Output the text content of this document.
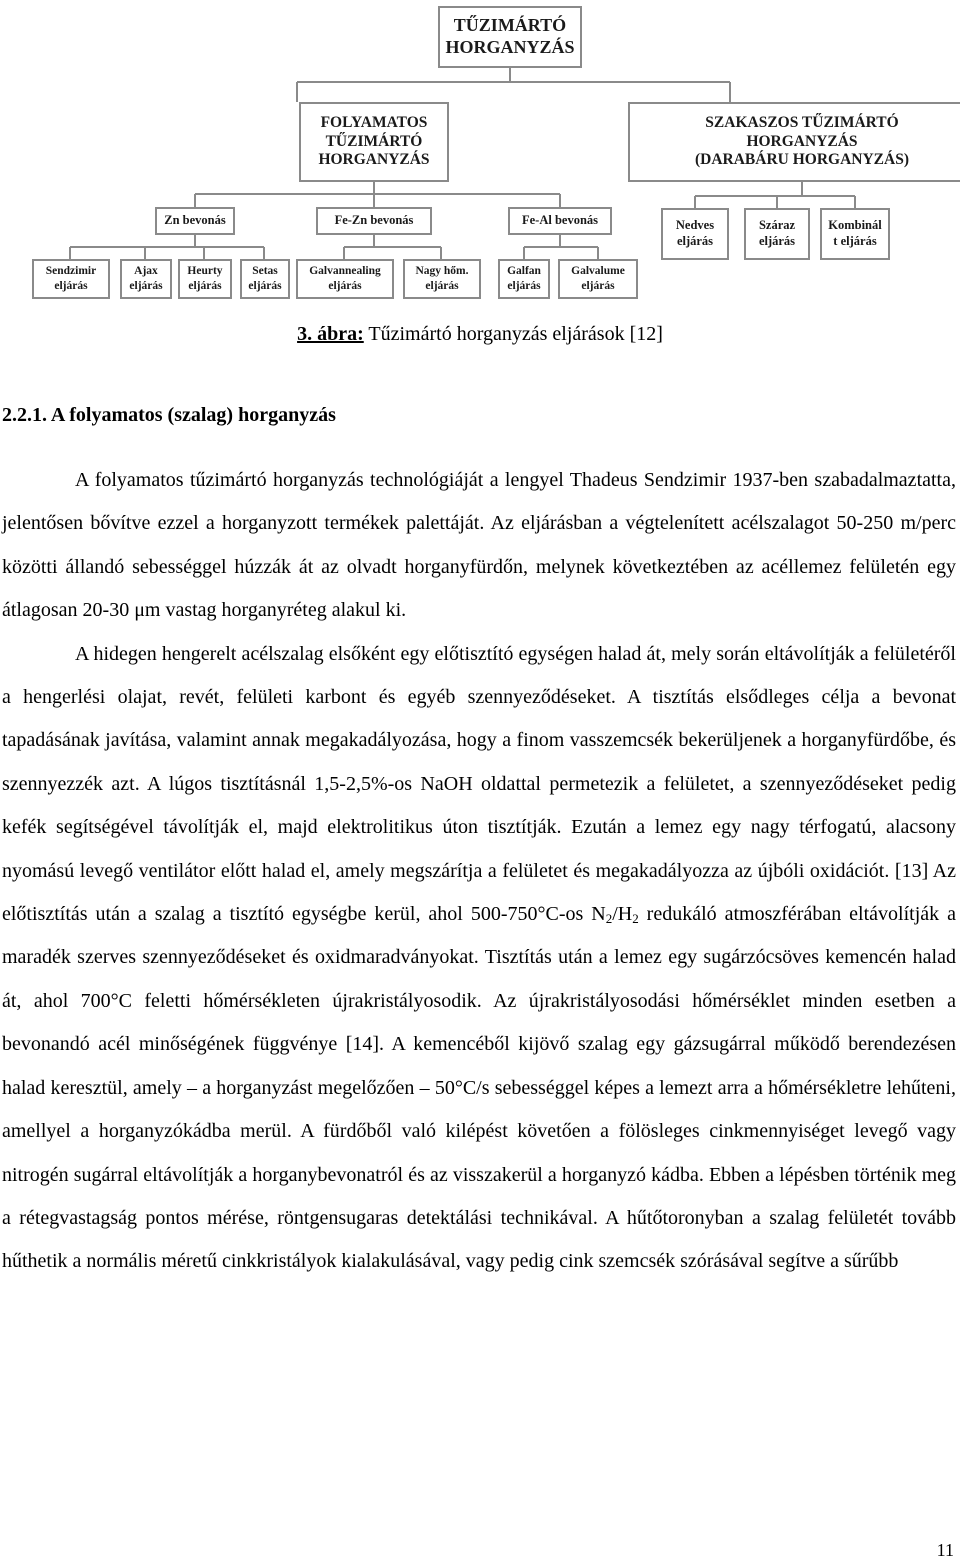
TŰZIMÁRTÓ
HORGANYZÁS
FOLYAMATOS
TŰZIMÁRTÓ
HORGANYZÁS
SZAKASZOS TŰZIMÁRTÓ
HORGANYZÁS
(DARABÁRU HORGANYZÁS)
Zn bevonás	Fe-Zn bevonás	Fe-Al bevonás	Nedves
eljárás
Száraz
eljárás
Kombinál
t eljárás
Sendzimir
eljárás
Ajax
eljárás
Heurty
eljárás
Setas
eljárás
Galvannealing
eljárás
Nagy hőm.
eljárás
Galfan
eljárás
Galvalume
eljárás
3. ábra: Tűzimártó horganyzás eljárások [12]
2.2.1. A folyamatos (szalag) horganyzás

A folyamatos tűzimártó horganyzás technológiáját a lengyel Thadeus Sendzimir 1937-ben szabadalmaztatta, jelentősen bővítve ezzel a horganyzott termékek palettáját. Az eljárásban a végtelenített acélszalagot 50-250 m/perc közötti állandó sebességgel húzzák át az olvadt horganyfürdőn, melynek következtében az acéllemez felületén egy átlagosan 20-30 μm vastag horganyréteg alakul ki.

A hidegen hengerelt acélszalag elsőként egy előtisztító egységen halad át, mely során eltávolítják a felületéről a hengerlési olajat, revét, felületi karbont és egyéb szennyeződéseket. A tisztítás elsődleges célja a bevonat tapadásának javítása, valamint annak megakadályozása, hogy a finom vasszemcsék bekerüljenek a horganyfürdőbe, és szennyezzék azt. A lúgos tisztításnál 1,5-2,5%-os NaOH oldattal permetezik a felületet, a szennyeződéseket pedig kefék segítségével távolítják el, majd elektrolitikus úton tisztítják. Ezután a lemez egy nagy térfogatú, alacsony nyomású levegő ventilátor előtt halad el, amely megszárítja a felületet és megakadályozza az újbóli oxidációt. [13] Az előtisztítás után a szalag a tisztító egységbe kerül, ahol 500-750°C-os $N_2/H_2$ redukáló atmoszférában eltávolítják a maradék szerves szennyeződéseket és oxidmaradványokat. Tisztítás után a lemez egy sugárzócsöves kemencén halad át, ahol 700°C feletti hőmérsékleten újrakristályosodik. Az újrakristályosodási hőmérséklet minden esetben a bevonandó acél minőségének függvénye [14]. A kemencéből kijövő szalag egy gázsugárral működő berendezésen halad keresztül, amely – a horganyzást megelőzően – 50°C/s sebességgel képes a lemezt arra a hőmérsékletre lehűteni, amellyel a horganyzókádba merül. A fürdőből való kilépést követően a fölösleges cinkmennyiséget levegő vagy nitrogén sugárral eltávolítják a horganybevonatról és az visszakerül a horganyzó kádba. Ebben a lépésben történik meg a rétegvastagság pontos mérése, röntgensugaras detektálási technikával. A hűtőtoronyban a szalag felületét tovább hűthetik a normális méretű cinkkristályok kialakulásával, vagy pedig cink szemcsék szórásával segítve a sűrűbb

11
